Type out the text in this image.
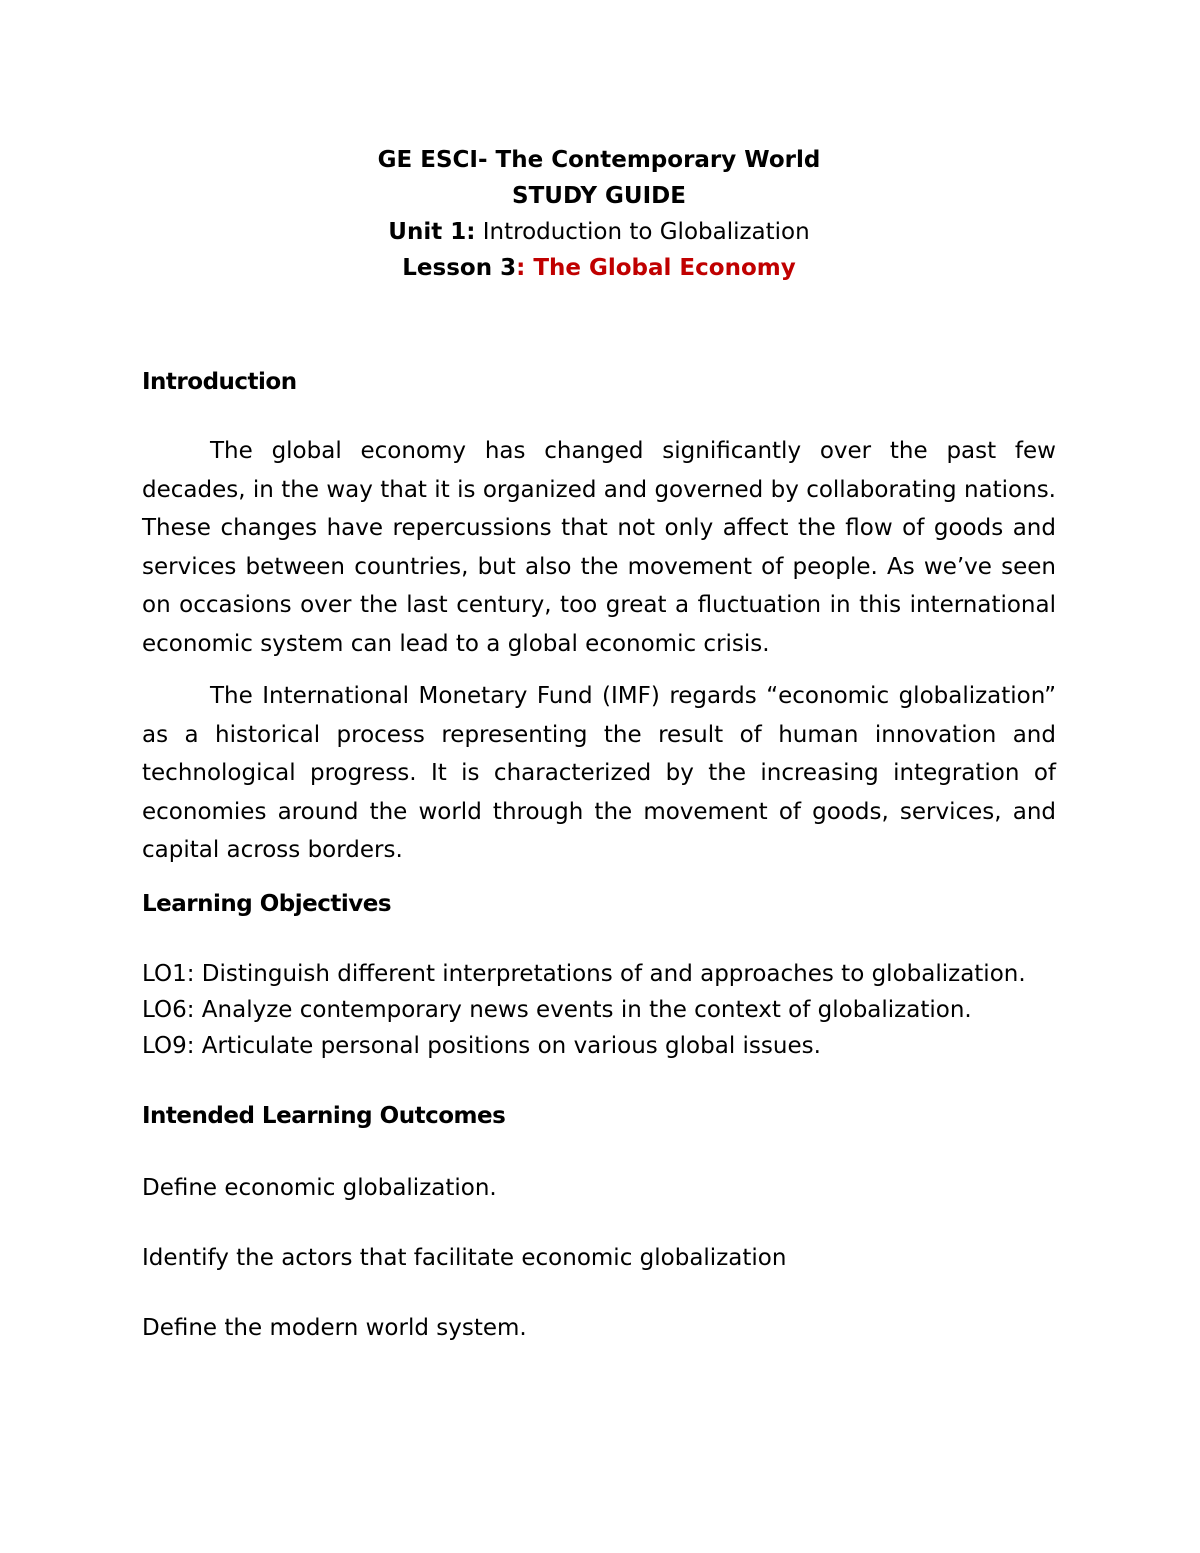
GE ESCI- The Contemporary World
STUDY GUIDE
Unit 1: Introduction to Globalization
Lesson 3: The Global Economy
Introduction

The global economy has changed significantly over the past few decades, in the way that it is organized and governed by collaborating nations. These changes have repercussions that not only affect the flow of goods and services between countries, but also the movement of people. As we’ve seen on occasions over the last century, too great a fluctuation in this international economic system can lead to a global economic crisis.

The International Monetary Fund (IMF) regards “economic globalization” as a historical process representing the result of human innovation and technological progress. It is characterized by the increasing integration of economies around the world through the movement of goods, services, and capital across borders.

Learning Objectives

LO1: Distinguish different interpretations of and approaches to globalization.

LO6: Analyze contemporary news events in the context of globalization.

LO9: Articulate personal positions on various global issues.

Intended Learning Outcomes

Define economic globalization.

Identify the actors that facilitate economic globalization

Define the modern world system.
